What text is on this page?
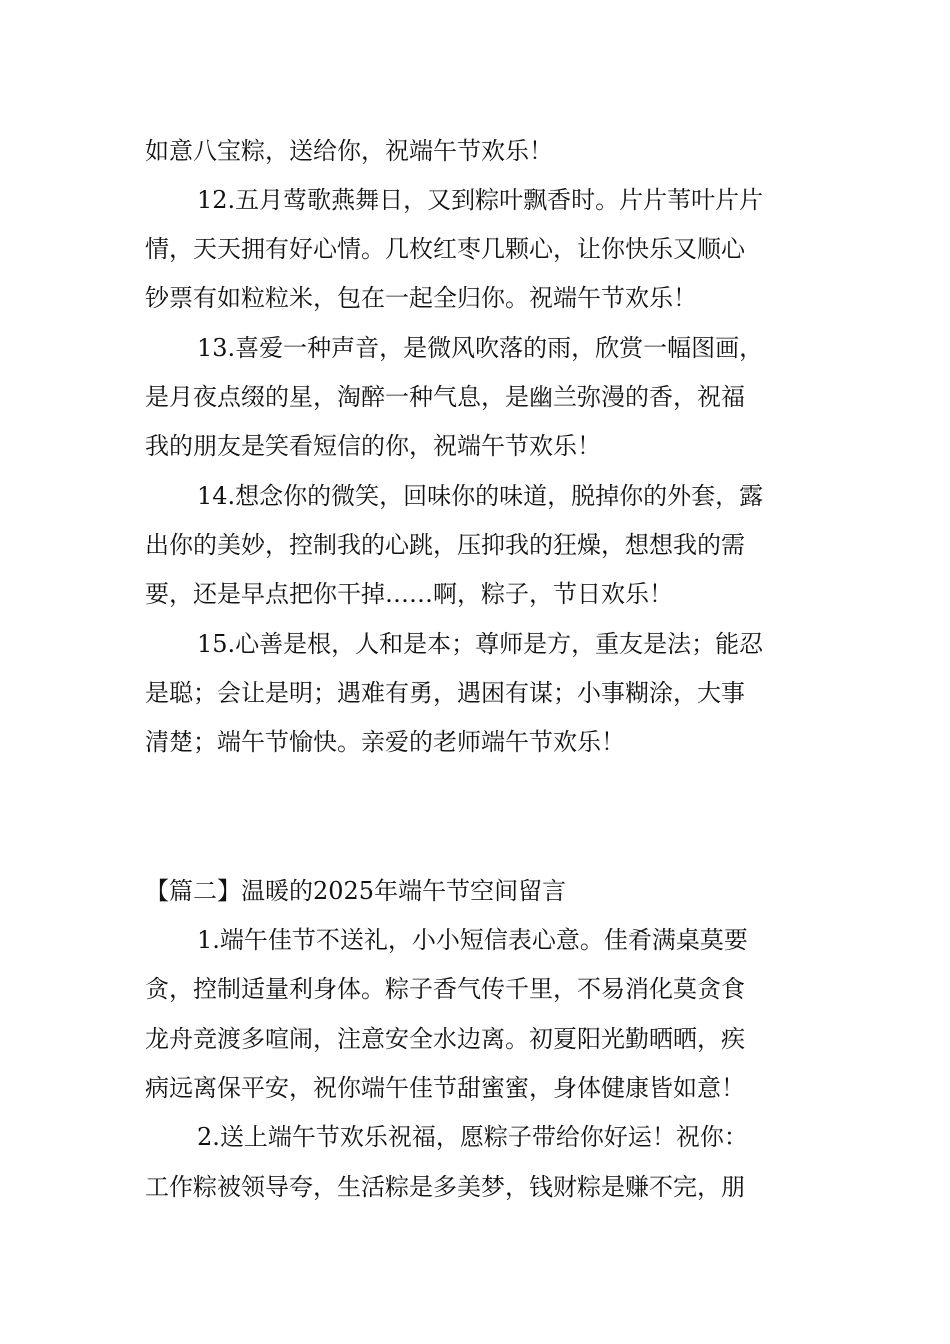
如意八宝粽，送给你，祝端午节欢乐！
12.五月莺歌燕舞日，又到粽叶飘香时。片片苇叶片片
情，天天拥有好心情。几枚红枣几颗心，让你快乐又顺心
钞票有如粒粒米，包在一起全归你。祝端午节欢乐！
13.喜爱一种声音，是微风吹落的雨，欣赏一幅图画，
是月夜点缀的星，淘醉一种气息，是幽兰弥漫的香，祝福
我的朋友是笑看短信的你，祝端午节欢乐！
14.想念你的微笑，回味你的味道，脱掉你的外套，露
出你的美妙，控制我的心跳，压抑我的狂燥，想想我的需
要，还是早点把你干掉……啊，粽子，节日欢乐！
15.心善是根，人和是本；尊师是方，重友是法；能忍
是聪；会让是明；遇难有勇，遇困有谋；小事糊涂，大事
清楚；端午节愉快。亲爱的老师端午节欢乐！
【篇二】温暖的2025年端午节空间留言
1.端午佳节不送礼，小小短信表心意。佳肴满桌莫要
贪，控制适量利身体。粽子香气传千里，不易消化莫贪食
龙舟竞渡多喧闹，注意安全水边离。初夏阳光勤晒晒，疾
病远离保平安，祝你端午佳节甜蜜蜜，身体健康皆如意！
2.送上端午节欢乐祝福，愿粽子带给你好运！祝你：
工作粽被领导夸，生活粽是多美梦，钱财粽是赚不完，朋
